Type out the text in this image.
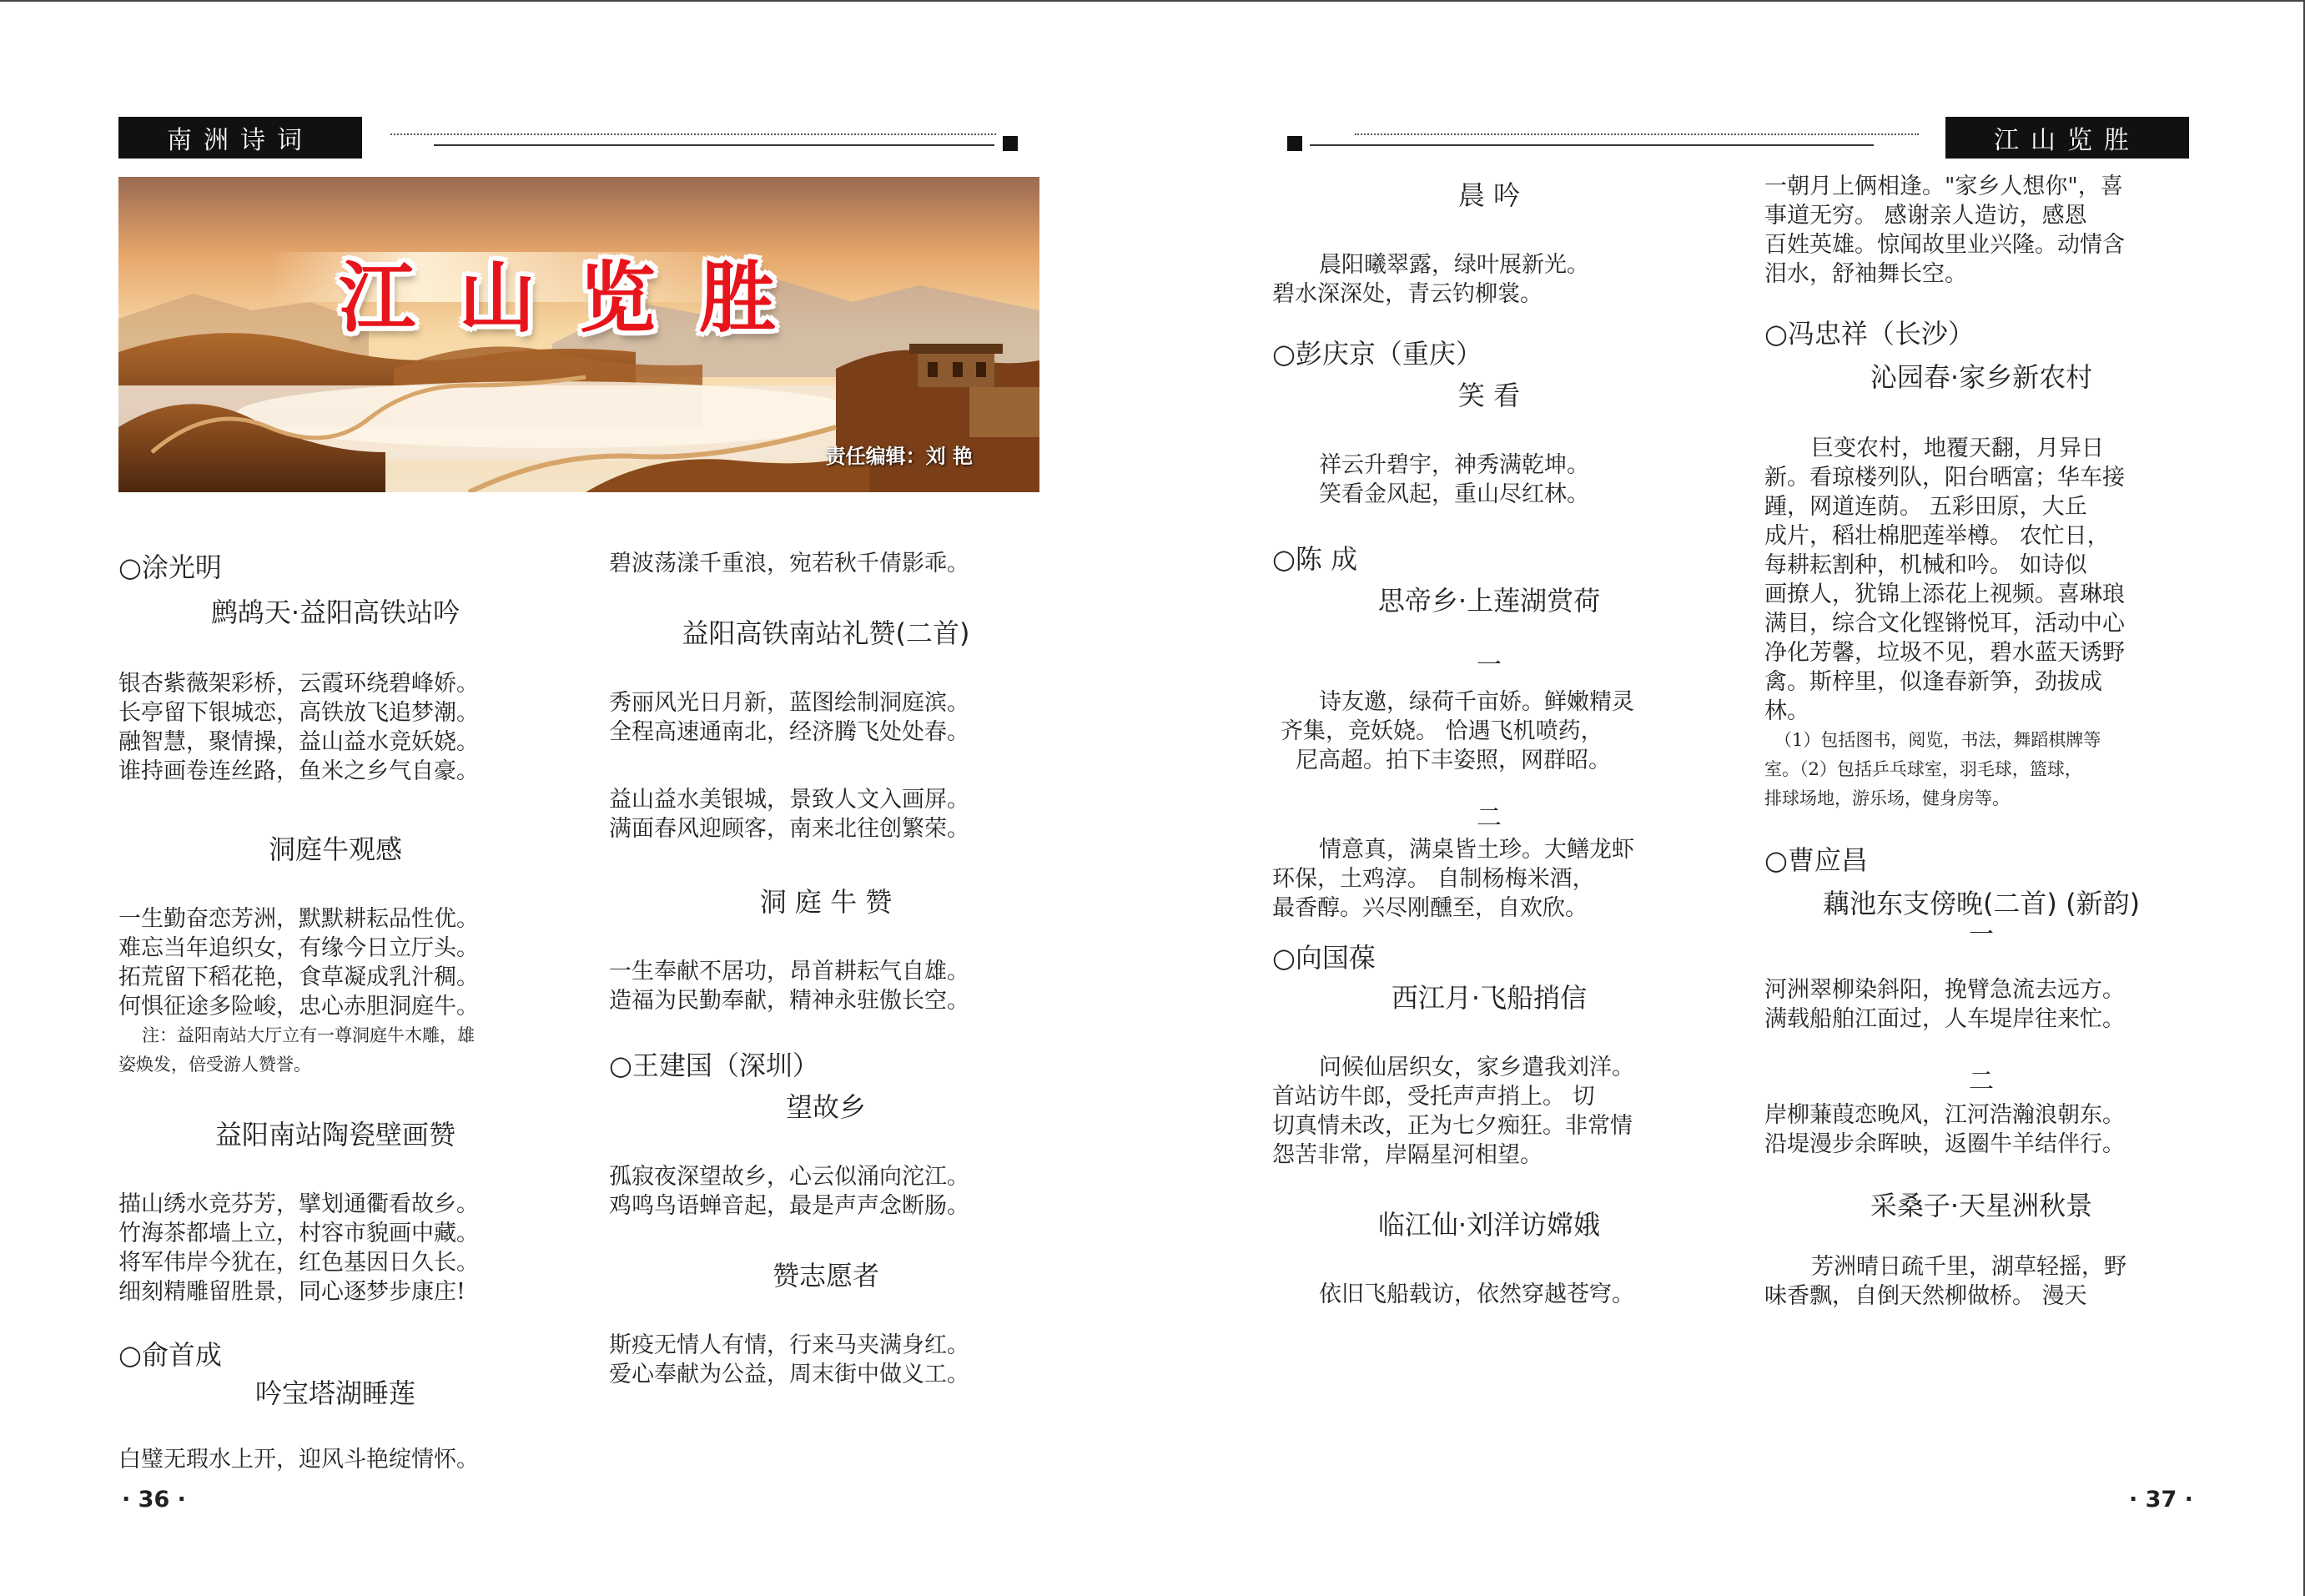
南洲诗词	江山览胜
江山览胜
责任编辑：刘 艳

○涂光明

鹧鸪天·益阳高铁站吟

银杏紫薇架彩桥，云霞环绕碧峰娇。

长亭留下银城恋，高铁放飞追梦潮。

融智慧，聚情操，益山益水竞妖娆。

谁持画卷连丝路，鱼米之乡气自豪。

洞庭牛观感

一生勤奋恋芳洲，默默耕耘品性优。

难忘当年追织女，有缘今日立厅头。

拓荒留下稻花艳，食草凝成乳汁稠。

何惧征途多险峻，忠心赤胆洞庭牛。

注：益阳南站大厅立有一尊洞庭牛木雕，雄

姿焕发，倍受游人赞誉。

益阳南站陶瓷壁画赞

描山绣水竞芬芳，擘划通衢看故乡。

竹海茶都墙上立，村容市貌画中藏。

将军伟岸今犹在，红色基因日久长。

细刻精雕留胜景，同心逐梦步康庄!

○俞首成

吟宝塔湖睡莲

白璧无瑕水上开，迎风斗艳绽情怀。

碧波荡漾千重浪，宛若秋千倩影乖。

益阳高铁南站礼赞(二首)

秀丽风光日月新，蓝图绘制洞庭滨。

全程高速通南北，经济腾飞处处春。

益山益水美银城，景致人文入画屏。

满面春风迎顾客，南来北往创繁荣。

洞 庭 牛 赞

一生奉献不居功，昂首耕耘气自雄。

造福为民勤奉献，精神永驻傲长空。

○王建国（深圳）

望故乡

孤寂夜深望故乡，心云似涌向沱江。

鸡鸣鸟语蝉音起，最是声声念断肠。

赞志愿者

斯疫无情人有情，行来马夹满身红。

爱心奉献为公益，周末街中做义工。

晨 吟

晨阳曦翠露，绿叶展新光。

碧水深深处，青云钓柳裳。

○彭庆京（重庆）

笑 看

祥云升碧宇，神秀满乾坤。

笑看金风起，重山尽红林。

○陈 成

思帝乡·上莲湖赏荷

一

诗友邀，绿荷千亩娇。鲜嫩精灵

齐集，竞妖娆。 恰遇飞机喷药，

尼高超。拍下丰姿照，网群昭。

二

情意真，满桌皆土珍。大鳝龙虾

环保，土鸡淳。 自制杨梅米酒，

最香醇。兴尽刚醺至，自欢欣。

○向国葆

西江月·飞船捎信

问候仙居织女，家乡遣我刘洋。

首站访牛郎，受托声声捎上。 切

切真情未改，正为七夕痴狂。非常情

怨苦非常，岸隔星河相望。

临江仙·刘洋访嫦娥

依旧飞船载访，依然穿越苍穹。

一朝月上俩相逢。"家乡人想你"，喜

事道无穷。 感谢亲人造访，感恩

百姓英雄。惊闻故里业兴隆。动情含

泪水，舒袖舞长空。

○冯忠祥（长沙）

沁园春·家乡新农村

巨变农村，地覆天翻，月异日

新。看琼楼列队，阳台晒富；华车接

踵，网道连荫。 五彩田原，大丘

成片，稻壮棉肥莲举樽。 农忙日，

每耕耘割种，机械和吟。 如诗似

画撩人，犹锦上添花上视频。喜琳琅

满目，综合文化铿锵悦耳，活动中心

净化芳馨，垃圾不见，碧水蓝天诱野

禽。斯梓里，似逢春新笋，劲拔成

林。

（1）包括图书，阅览，书法，舞蹈棋牌等

室。（2）包括乒乓球室，羽毛球，篮球，

排球场地，游乐场，健身房等。

○曹应昌

藕池东支傍晚(二首) (新韵)

一

河洲翠柳染斜阳，挽臂急流去远方。

满载船舶江面过，人车堤岸往来忙。

二

岸柳蒹葭恋晚风，江河浩瀚浪朝东。

沿堤漫步余晖映，返圈牛羊结伴行。

采桑子·天星洲秋景

芳洲晴日疏千里，湖草轻摇，野

味香飘，自倒天然柳做桥。 漫天

· 36 ·	· 37 ·
